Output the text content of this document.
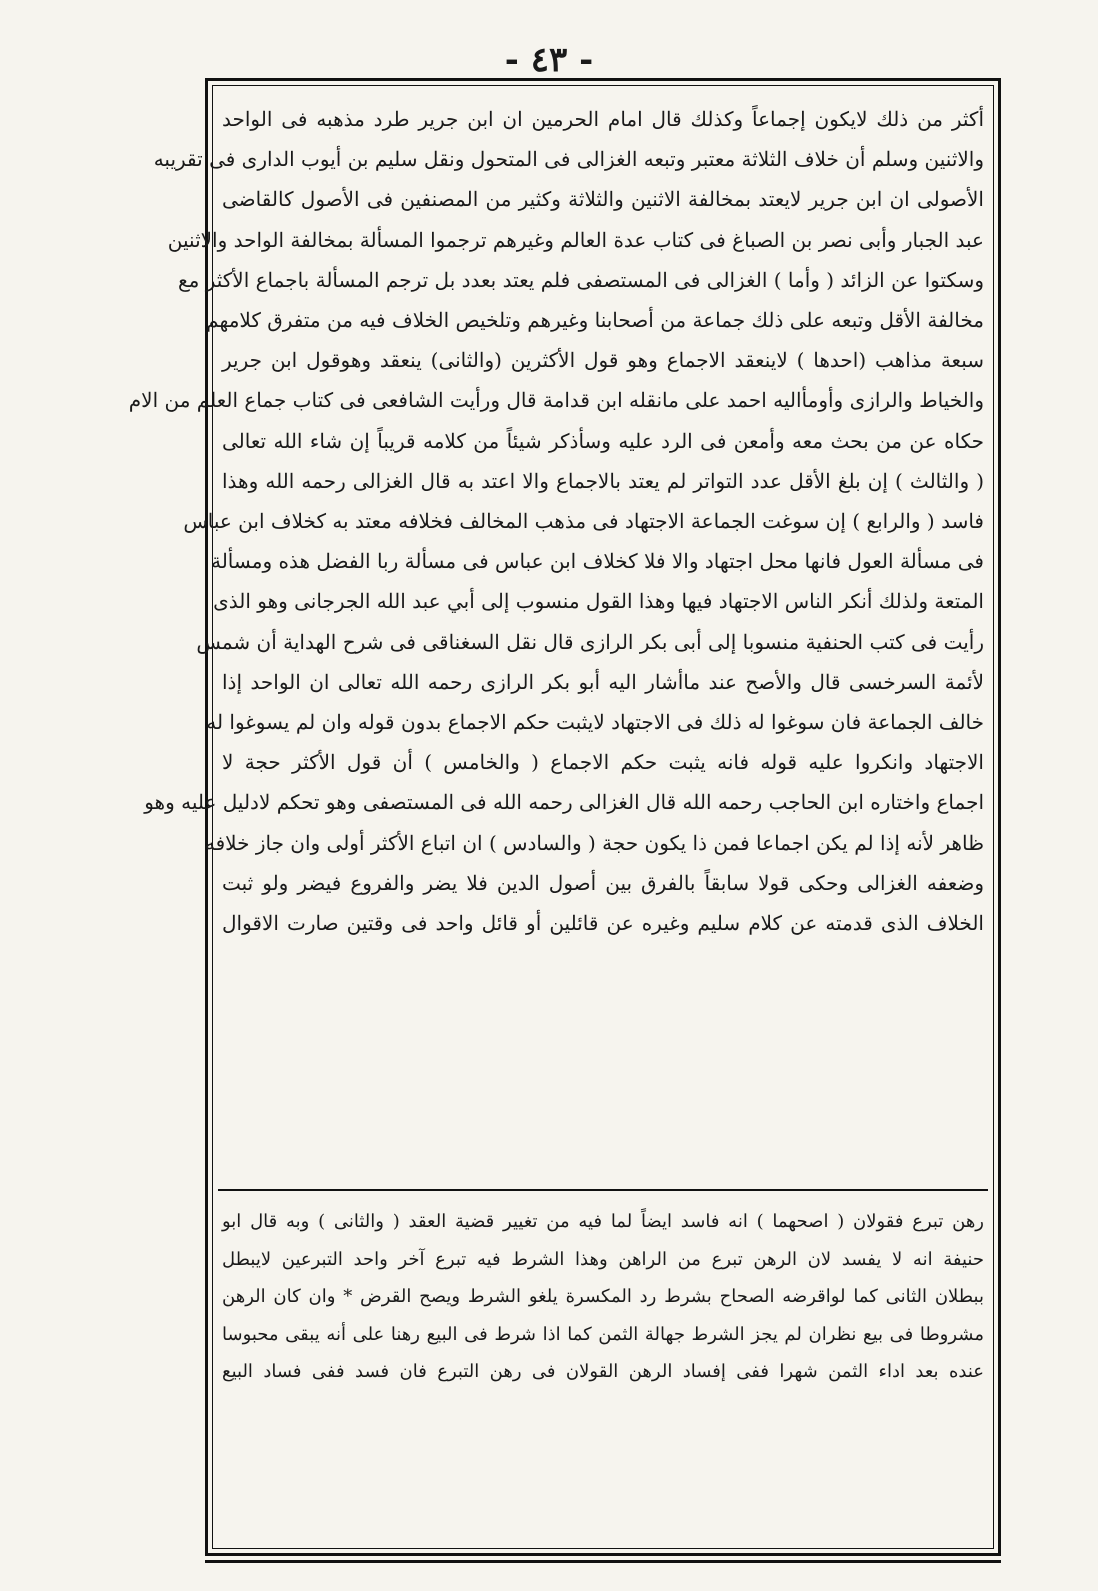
- ٤٣ -
أكثر من ذلك لايكون إجماعاً وكذلك قال امام الحرمين ان ابن جرير طرد مذهبه فى الواحد
والاثنين وسلم أن خلاف الثلاثة معتبر وتبعه الغزالى فى المتحول ونقل سليم بن أيوب الدارى فى تقريبه
الأصولى ان ابن جرير لايعتد بمخالفة الاثنين والثلاثة وكثير من المصنفين فى الأصول كالقاضى
عبد الجبار وأبى نصر بن الصباغ فى كتاب عدة العالم وغيرهم ترجموا المسألة بمخالفة الواحد والاثنين
وسكتوا عن الزائد ( وأما ) الغزالى فى المستصفى فلم يعتد بعدد بل ترجم المسألة باجماع الأكثر مع
مخالفة الأقل وتبعه على ذلك جماعة من أصحابنا وغيرهم وتلخيص الخلاف فيه من متفرق كلامهم
سبعة مذاهب (احدها ) لاينعقد الاجماع وهو قول الأكثرين (والثانى) ينعقد وهوقول ابن جرير
والخياط والرازى وأومأاليه احمد على مانقله ابن قدامة قال ورأيت الشافعى فى كتاب جماع العلم من الام
حكاه عن من بحث معه وأمعن فى الرد عليه وسأذكر شيئاً من كلامه قريباً إن شاء الله تعالى
( والثالث ) إن بلغ الأقل عدد التواتر لم يعتد بالاجماع والا اعتد به قال الغزالى رحمه الله وهذا
فاسد ( والرابع ) إن سوغت الجماعة الاجتهاد فى مذهب المخالف فخلافه معتد به كخلاف ابن عباس
فى مسألة العول فانها محل اجتهاد والا فلا كخلاف ابن عباس فى مسألة ربا الفضل هذه ومسألة
المتعة ولذلك أنكر الناس الاجتهاد فيها وهذا القول منسوب إلى أبي عبد الله الجرجانى وهو الذى
رأيت فى كتب الحنفية منسوبا إلى أبى بكر الرازى قال نقل السغناقى فى شرح الهداية أن شمس
لأئمة السرخسى قال والأصح عند ماأشار اليه أبو بكر الرازى رحمه الله تعالى ان الواحد إذا
خالف الجماعة فان سوغوا له ذلك فى الاجتهاد لايثبت حكم الاجماع بدون قوله وان لم يسوغوا له
الاجتهاد وانكروا عليه قوله فانه يثبت حكم الاجماع ( والخامس ) أن قول الأكثر حجة لا
اجماع واختاره ابن الحاجب رحمه الله قال الغزالى رحمه الله فى المستصفى وهو تحكم لادليل عليه وهو
ظاهر لأنه إذا لم يكن اجماعا فمن ذا يكون حجة ( والسادس ) ان اتباع الأكثر أولى وان جاز خلافه
وضعفه الغزالى وحكى قولا سابقاً بالفرق بين أصول الدين فلا يضر والفروع فيضر ولو ثبت
الخلاف الذى قدمته عن كلام سليم وغيره عن قائلين أو قائل واحد فى وقتين صارت الاقوال
رهن تبرع فقولان ( اصحهما ) انه فاسد ايضاً لما فيه من تغيير قضية العقد ( والثانى ) وبه قال ابو
حنيفة انه لا يفسد لان الرهن تبرع من الراهن وهذا الشرط فيه تبرع آخر واحد التبرعين لايبطل
ببطلان الثانى كما لواقرضه الصحاح بشرط رد المكسرة يلغو الشرط ويصح القرض * وان كان الرهن
مشروطا فى بيع نظران لم يجز الشرط جهالة الثمن كما اذا شرط فى البيع رهنا على أنه يبقى محبوسا
عنده بعد اداء الثمن شهرا ففى إفساد الرهن القولان فى رهن التبرع فان فسد ففى فساد البيع
